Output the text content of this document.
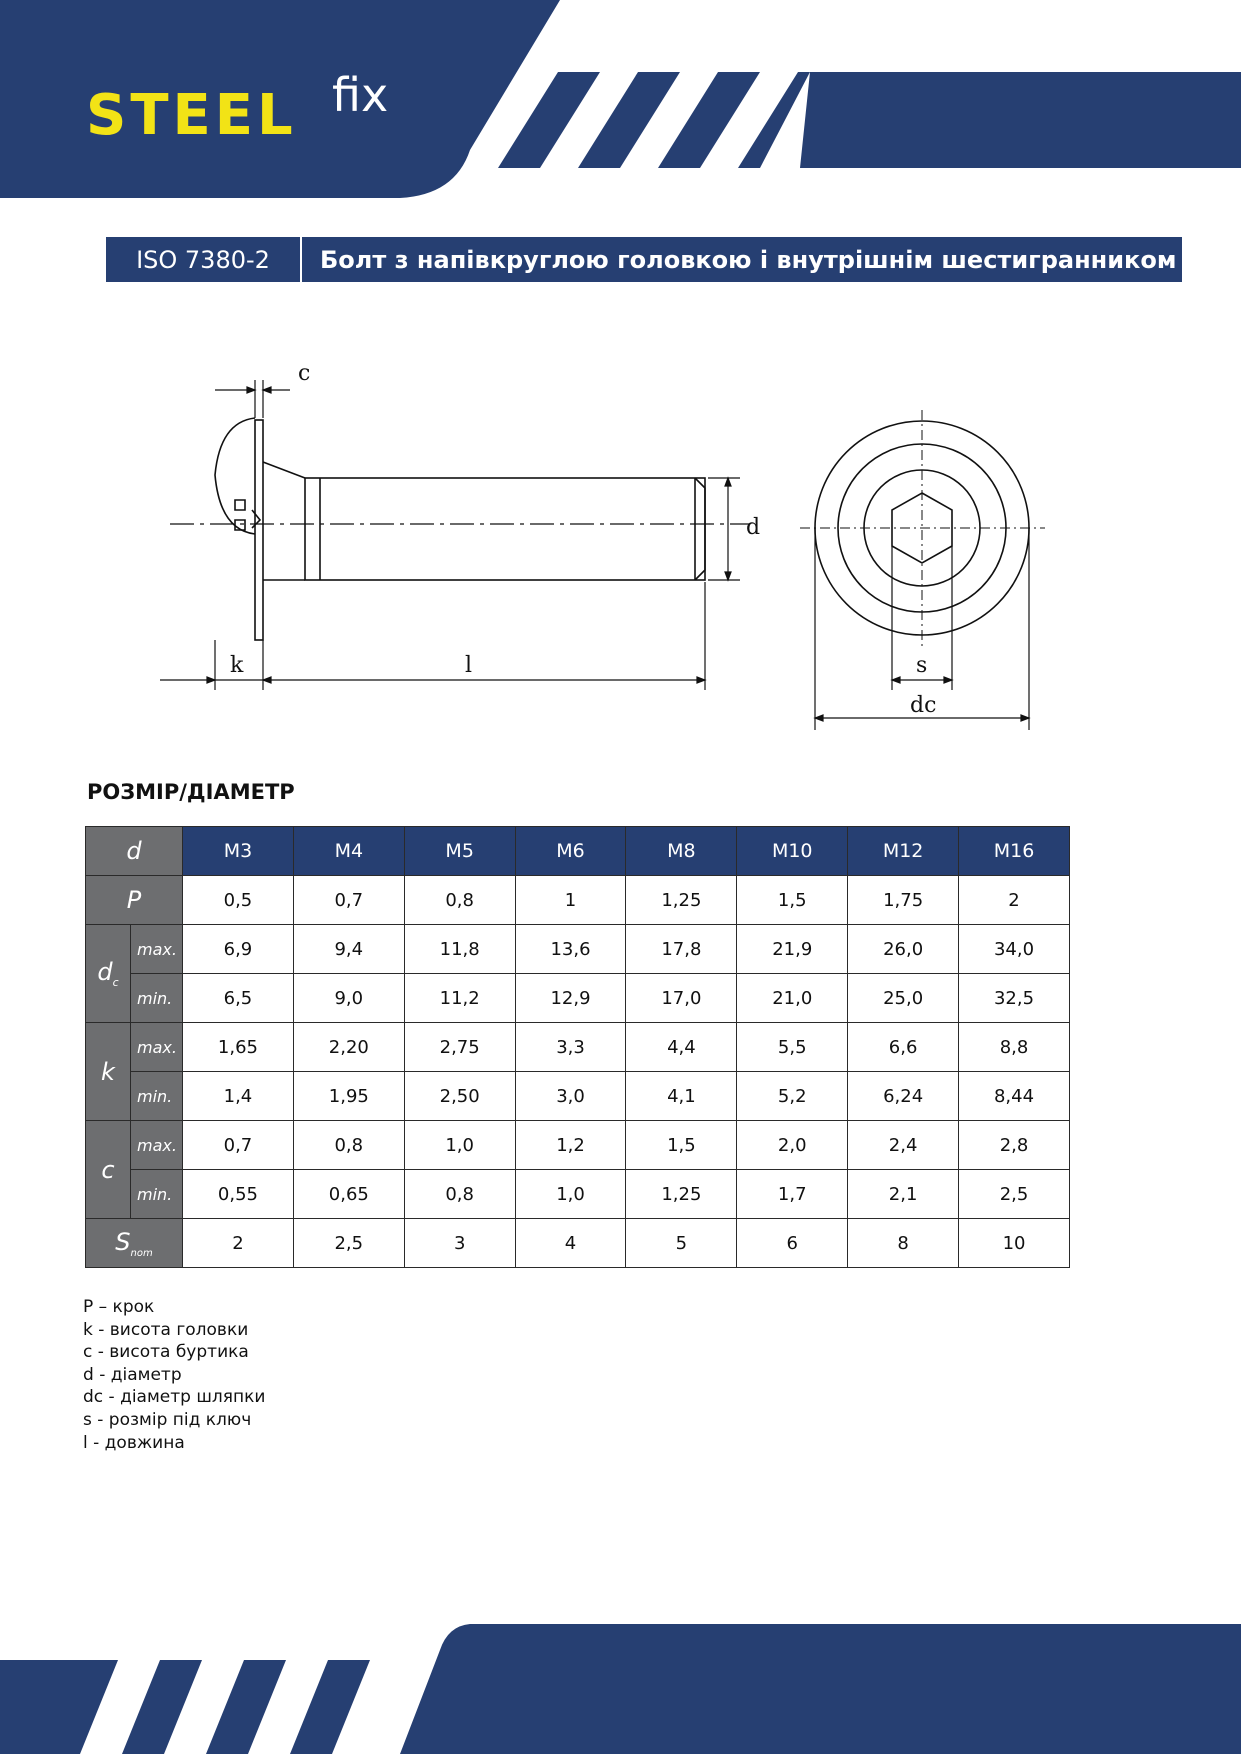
STEEL fix
ISO 7380-2	Болт з напівкруглою головкою і внутрішнім шестигранником
c
d
k	l	s
dc
РОЗМІР/ДІАМЕТР
d		M3	M4	M5	M6	M8	M10	M12	M16
P		0,5	0,7	0,8	1	1,25	1,5	1,75	2
$d_c$	max.	6,9	9,4	11,8	13,6	17,8	21,9	26,0	34,0
	min.	6,5	9,0	11,2	12,9	17,0	21,0	25,0	32,5
k	max.	1,65	2,20	2,75	3,3	4,4	5,5	6,6	8,8
	min.	1,4	1,95	2,50	3,0	4,1	5,2	6,24	8,44
c	max.	0,7	0,8	1,0	1,2	1,5	2,0	2,4	2,8
	min.	0,55	0,65	0,8	1,0	1,25	1,7	2,1	2,5
$S_{nom}$		2	2,5	3	4	5	6	8	10
P – крок
k - висота головки
c - висота буртика
d - діаметр
dc - діаметр шляпки
s - розмір під ключ
l - довжина
